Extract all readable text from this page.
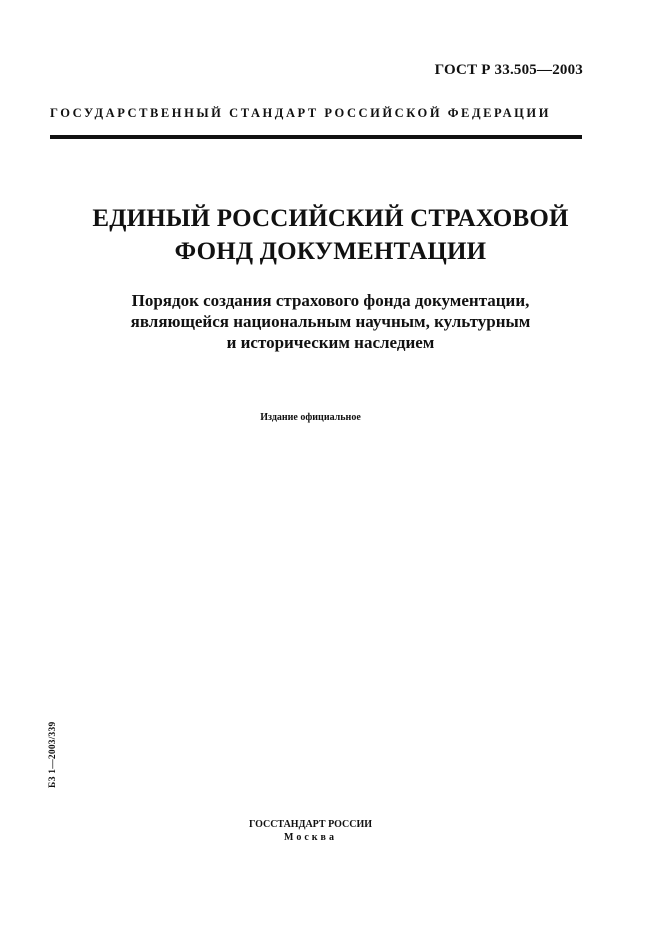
ГОСТ Р 33.505—2003
ГОСУДАРСТВЕННЫЙ СТАНДАРТ РОССИЙСКОЙ ФЕДЕРАЦИИ
ЕДИНЫЙ РОССИЙСКИЙ СТРАХОВОЙ
ФОНД ДОКУМЕНТАЦИИ
Порядок создания страхового фонда документации,
являющейся национальным научным, культурным
и историческим наследием
Издание официальное
БЗ 1—2003/339
ГОССТАНДАРТ РОССИИ
Москва
